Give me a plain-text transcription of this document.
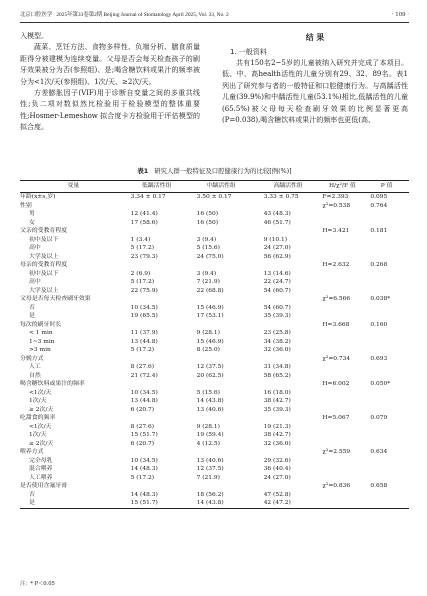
北京口腔医学 2025年第33卷第2期 Beijing Journal of Stomatology April 2025, Vol. 33, No. 2	· 109 ·

入模型。

蔬菜、烹饪方法、食物多样性、负端分析、膳食质量距得分被建模为连续变量。父母是否会每天检查孩子的刷牙效果被分为否(参照组)、是;喝含糖饮料或果汁的频率被分为<1次/天(参照组)、1次/天、≥2次/天。

方差膨胀因子(VIF)用于诊断自变量之间的多重共线性;负二项对数似然比检验用于检验模型的整体重要性;Hosmer-Lemeshow 拟合度卡方检验用于评估模型的拟合度。

结 果

1. 一般资料

共有150名2~5岁的儿童被纳入研究并完成了本项目。低、中、高health活性的儿童分别有29、32、89名。表1列出了研究参与者的一般特征和口腔健康行为。与高龋活性儿童(39.9%)和中龋活性儿童(53.1%)相比,低龋活性的儿童(65.5%)被父母每天检查刷牙效果的比例显著更高(P=0.038),喝含糖饮料或果汁的频率也更低(高、

表1 研究人群一般特征及口腔健康行为的比较[例(%)]
变量	低龋活性组	中龋活性组	高龋活性组	H/χ²/F 值	P 值
年龄(x±s,岁)	3.34 ± 0.17	3.50 ± 0.17	3.33 ± 0.75	F=2.393	0.095
性别				χ²=0.538	0.764
男	12 (41.4)	16 (50)	43 (48.3)		
女	17 (58.6)	16 (50)	46 (51.7)		
父亲的受教育程度				H=3.421	0.181
初中及以下	1 (3.4)	3 (9.4)	9 (10.1)		
高中	5 (17.2)	5 (15.6)	24 (27.0)		
大学及以上	23 (79.3)	24 (75.0)	56 (62.9)		
母亲的受教育程度				H=2.632	0.268
初中及以下	2 (6.9)	3 (9.4)	13 (14.6)		
高中	5 (17.2)	7 (21.9)	22 (24.7)		
大学及以上	22 (75.9)	22 (68.8)	54 (60.7)		
父母是否每天检查刷牙效果				χ²=6.566	0.038*
否	10 (34.5)	15 (46.9)	54 (60.7)		
是	19 (65.5)	17 (53.1)	35 (39.3)		
每次的刷牙时长				H=3.668	0.160
< 1 min	11 (37.9)	9 (28.1)	23 (25.8)		
1~3 min	13 (44.8)	15 (46.9)	34 (38.2)		
>3 min	5 (17.2)	8 (25.0)	32 (36.0)		
分娩方式				χ²=0.734	0.693
人工	8 (27.6)	12 (37.5)	31 (34.8)		
自然	21 (72.4)	20 (62.5)	58 (65.2)		
喝含糖饮料或果汁的频率				H=6.002	0.050*
<1次/天	10 (34.5)	5 (15.6)	16 (18.0)		
1次/天	13 (44.8)	14 (43.8)	38 (42.7)		
≥ 2次/天	6 (20.7)	13 (40.6)	35 (39.3)		
吃甜食的频率				H=5.067	0.079
<1次/天	8 (27.6)	9 (28.1)	19 (21.3)		
1次/天	15 (51.7)	19 (59.4)	38 (42.7)		
≥ 2次/天	6 (20.7)	4 (12.5)	32 (36.0)		
喂养方式				χ²=2.559	0.634
完全母乳	10 (34.5)	13 (40.6)	29 (32.6)		
混合喂养	14 (48.3)	12 (37.5)	36 (40.4)		
人工喂养	5 (17.2)	7 (21.9)	24 (27.0)		
是否使用含氟牙膏				χ²=0.836	0.658
否	14 (48.3)	18 (56.2)	47 (52.8)		
是	15 (51.7)	14 (43.8)	42 (47.2)		
注：* P＜0.05
